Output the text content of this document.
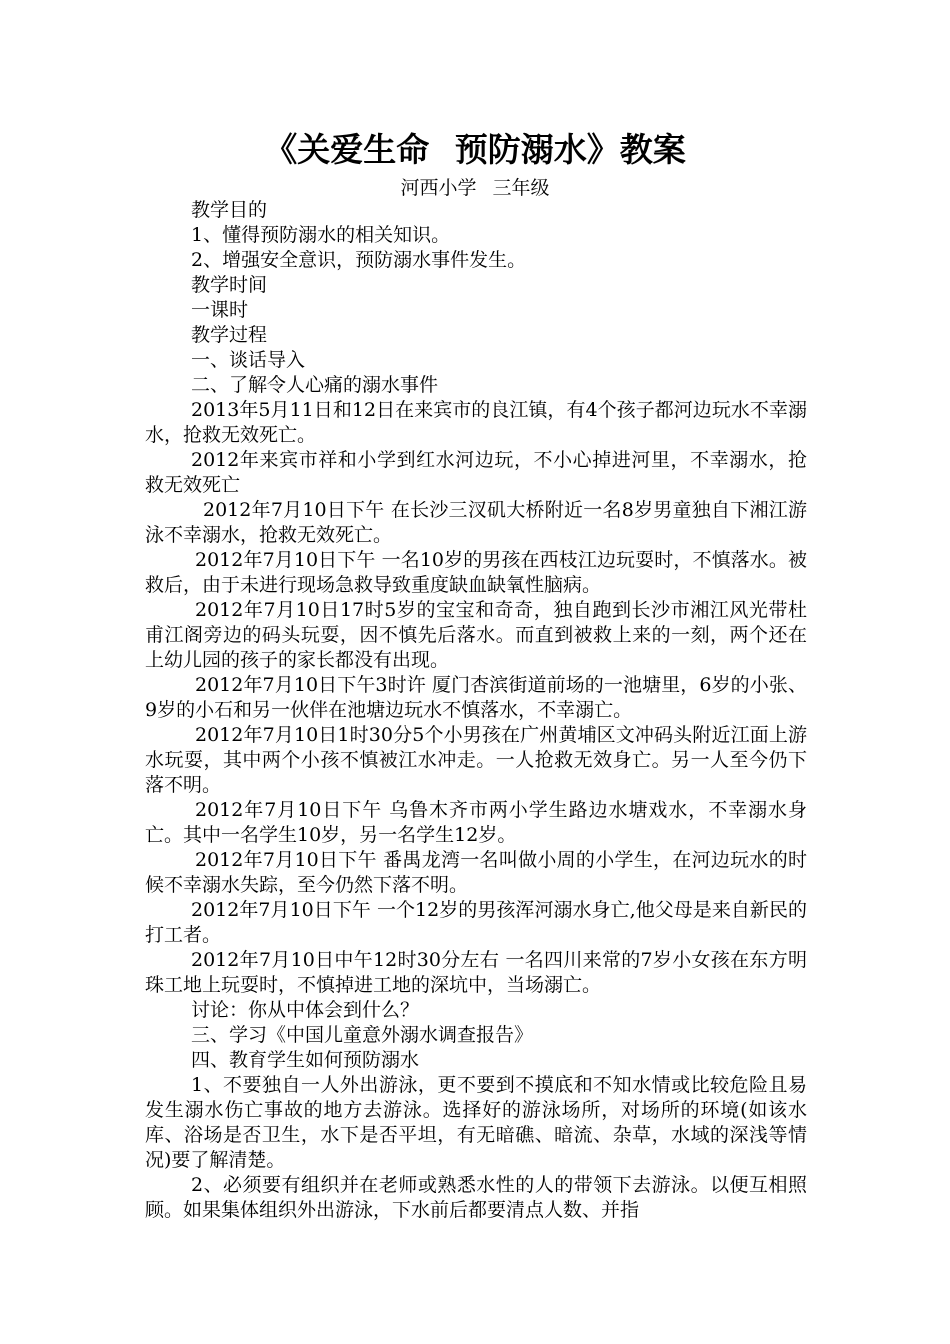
《关爱生命 预防溺水》教案
河西小学 三年级

教学目的

1、懂得预防溺水的相关知识。

2、增强安全意识，预防溺水事件发生。

教学时间

一课时

教学过程

一、谈话导入

二、了解令人心痛的溺水事件

2013年5月11日和12日在来宾市的良江镇，有4个孩子都河边玩水不幸溺水，抢救无效死亡。

2012年来宾市祥和小学到红水河边玩，不小心掉进河里，不幸溺水，抢救无效死亡

2012年7月10日下午 在长沙三汊矶大桥附近一名8岁男童独自下湘江游泳不幸溺水，抢救无效死亡。

2012年7月10日下午 一名10岁的男孩在西枝江边玩耍时，不慎落水。被救后，由于未进行现场急救导致重度缺血缺氧性脑病。

2012年7月10日17时5岁的宝宝和奇奇，独自跑到长沙市湘江风光带杜甫江阁旁边的码头玩耍，因不慎先后落水。而直到被救上来的一刻，两个还在上幼儿园的孩子的家长都没有出现。

2012年7月10日下午3时许 厦门杏滨街道前场的一池塘里，6岁的小张、9岁的小石和另一伙伴在池塘边玩水不慎落水，不幸溺亡。

2012年7月10日1时30分5个小男孩在广州黄埔区文冲码头附近江面上游水玩耍，其中两个小孩不慎被江水冲走。一人抢救无效身亡。另一人至今仍下落不明。

2012年7月10日下午 乌鲁木齐市两小学生路边水塘戏水，不幸溺水身亡。其中一名学生10岁，另一名学生12岁。

2012年7月10日下午 番禺龙湾一名叫做小周的小学生，在河边玩水的时候不幸溺水失踪，至今仍然下落不明。

2012年7月10日下午 一个12岁的男孩浑河溺水身亡,他父母是来自新民的打工者。

2012年7月10日中午12时30分左右 一名四川来常的7岁小女孩在东方明珠工地上玩耍时，不慎掉进工地的深坑中，当场溺亡。

讨论：你从中体会到什么？

三、学习《中国儿童意外溺水调查报告》

四、教育学生如何预防溺水

1、不要独自一人外出游泳，更不要到不摸底和不知水情或比较危险且易发生溺水伤亡事故的地方去游泳。选择好的游泳场所，对场所的环境(如该水库、浴场是否卫生，水下是否平坦，有无暗礁、暗流、杂草，水域的深浅等情况)要了解清楚。

2、必须要有组织并在老师或熟悉水性的人的带领下去游泳。以便互相照顾。如果集体组织外出游泳，下水前后都要清点人数、并指
